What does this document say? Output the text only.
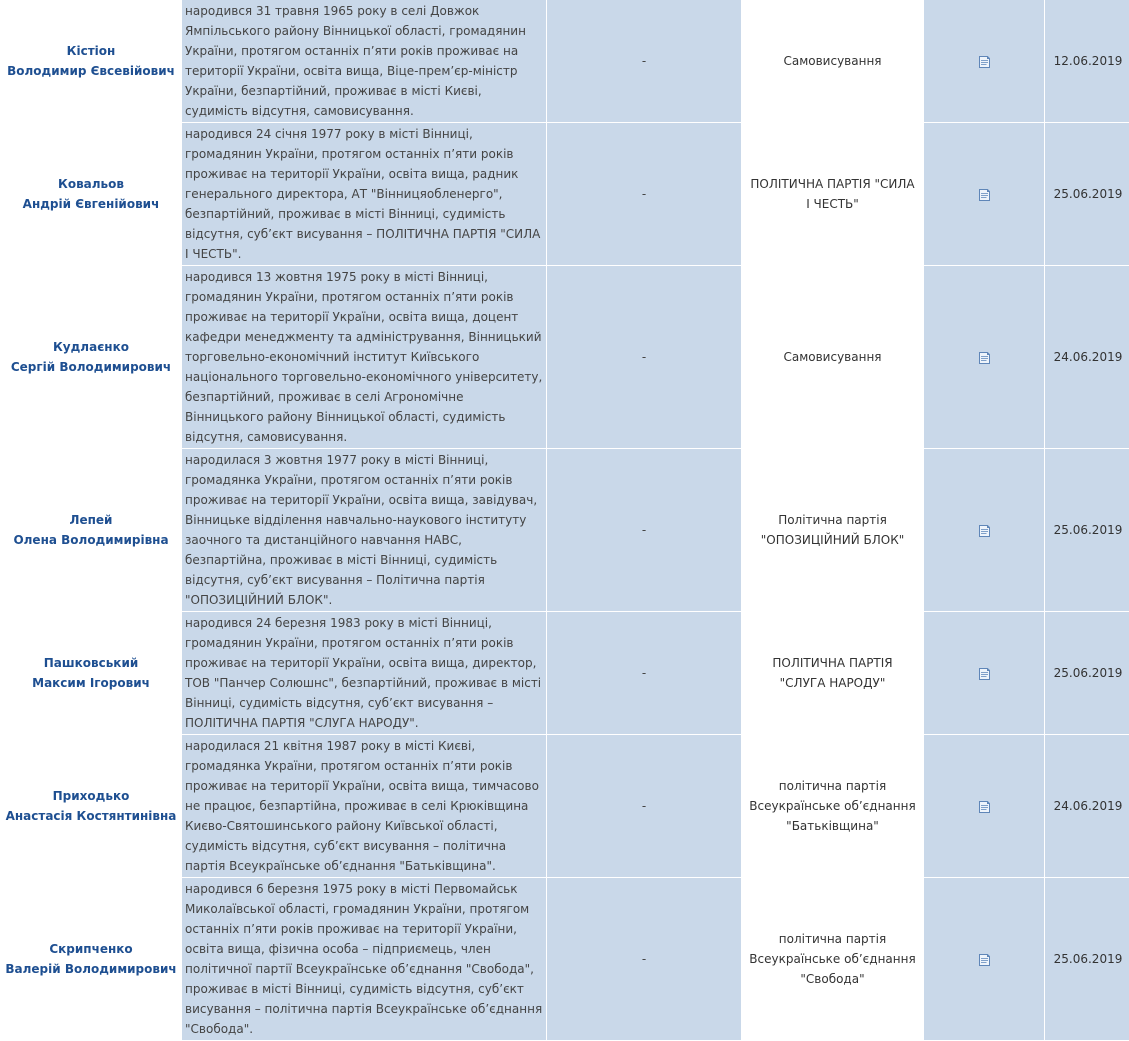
Кістіон
Володимир Євсевійович	народився 31 травня 1965 року в селі Довжок Ямпільського району Вінницької області, громадянин України, протягом останніх п’яти років проживає на території України, освіта вища, Віце-прем’єр-міністр України, безпартійний, проживає в місті Києві, судимість відсутня, самовисування.	-	Самовисування		12.06.2019
Ковальов
Андрій Євгенійович	народився 24 січня 1977 року в місті Вінниці, громадянин України, протягом останніх п’яти років проживає на території України, освіта вища, радник генерального директора, АТ "Вінницяобленерго", безпартійний, проживає в місті Вінниці, судимість відсутня, суб’єкт висування – ПОЛІТИЧНА ПАРТІЯ "СИЛА І ЧЕСТЬ".	-	ПОЛІТИЧНА ПАРТІЯ "СИЛА І ЧЕСТЬ"		25.06.2019
Кудлаєнко
Сергій Володимирович	народився 13 жовтня 1975 року в місті Вінниці, громадянин України, протягом останніх п’яти років проживає на території України, освіта вища, доцент кафедри менеджменту та адміністрування, Вінницький торговельно-економічний інститут Київського національного торговельно-економічного університету, безпартійний, проживає в селі Агрономічне Вінницького району Вінницької області, судимість відсутня, самовисування.	-	Самовисування		24.06.2019
Лепей
Олена Володимирівна	народилася 3 жовтня 1977 року в місті Вінниці, громадянка України, протягом останніх п’яти років проживає на території України, освіта вища, завідувач, Вінницьке відділення навчально-наукового інституту заочного та дистанційного навчання НАВС, безпартійна, проживає в місті Вінниці, судимість відсутня, суб’єкт висування – Політична партія "ОПОЗИЦІЙНИЙ БЛОК".	-	Політична партія "ОПОЗИЦІЙНИЙ БЛОК"		25.06.2019
Пашковський
Максим Ігорович	народився 24 березня 1983 року в місті Вінниці, громадянин України, протягом останніх п’яти років проживає на території України, освіта вища, директор, ТОВ "Панчер Солюшнс", безпартійний, проживає в місті Вінниці, судимість відсутня, суб’єкт висування – ПОЛІТИЧНА ПАРТІЯ "СЛУГА НАРОДУ".	-	ПОЛІТИЧНА ПАРТІЯ "СЛУГА НАРОДУ"		25.06.2019
Приходько
Анастасія Костянтинівна	народилася 21 квітня 1987 року в місті Києві, громадянка України, протягом останніх п’яти років проживає на території України, освіта вища, тимчасово не працює, безпартійна, проживає в селі Крюківщина Києво-Святошинського району Київської області, судимість відсутня, суб’єкт висування – політична партія Всеукраїнське об’єднання "Батьківщина".	-	політична партія Всеукраїнське об’єднання "Батьківщина"		24.06.2019
Скрипченко
Валерій Володимирович	народився 6 березня 1975 року в місті Первомайськ Миколаївської області, громадянин України, протягом останніх п’яти років проживає на території України, освіта вища, фізична особа – підприємець, член політичної партії Всеукраїнське об’єднання "Свобода", проживає в місті Вінниці, судимість відсутня, суб’єкт висування – політична партія Всеукраїнське об’єднання "Свобода".	-	політична партія Всеукраїнське об’єднання "Свобода"		25.06.2019
